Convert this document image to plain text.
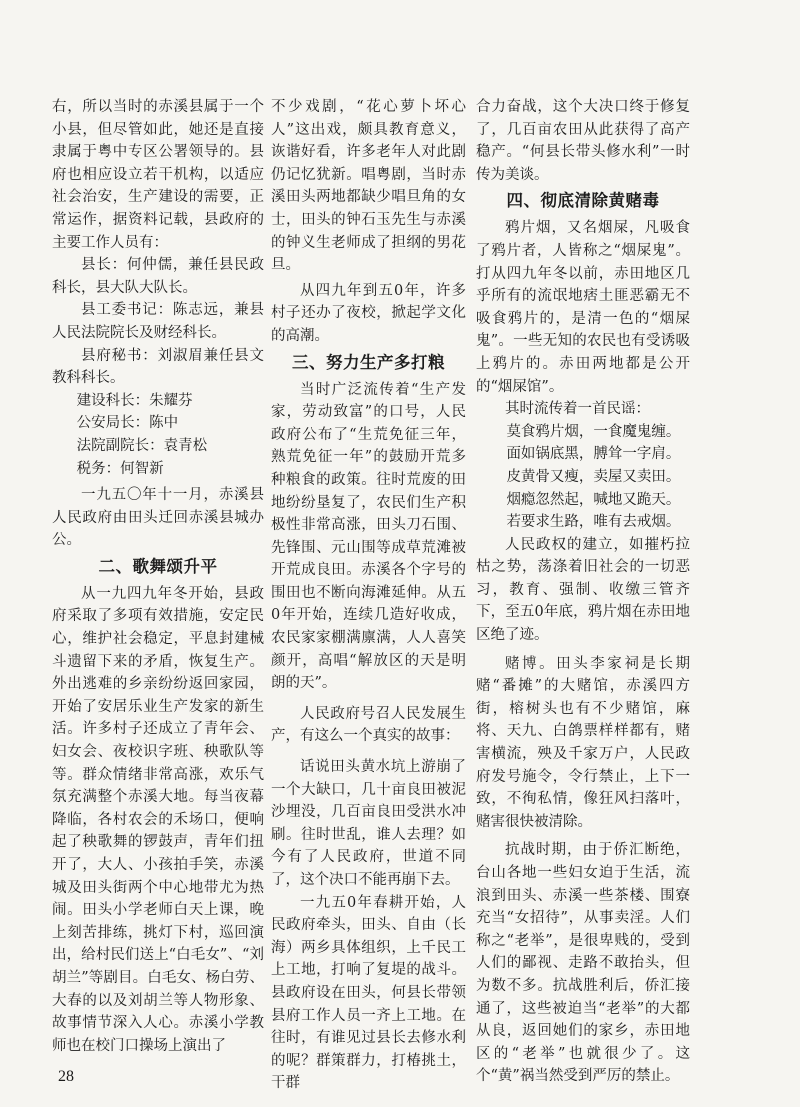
右，所以当时的赤溪县属于一个小县，但尽管如此，她还是直接隶属于粤中专区公署领导的。县府也相应设立若干机构，以适应社会治安，生产建设的需要，正常运作，据资料记载，县政府的主要工作人员有：

县长：何仲儒，兼任县民政科长，县大队大队长。

县工委书记：陈志远，兼县人民法院院长及财经科长。

县府秘书：刘淑眉兼任县文教科科长。

建设科长：朱耀芬

公安局长：陈中

法院副院长：袁青松

税务：何智新

一九五〇年十一月，赤溪县人民政府由田头迁回赤溪县城办公。

二、歌舞颂升平

从一九四九年冬开始，县政府采取了多项有效措施，安定民心，维护社会稳定，平息封建械斗遗留下来的矛盾，恢复生产。外出逃难的乡亲纷纷返回家园，开始了安居乐业生产发家的新生活。许多村子还成立了青年会、妇女会、夜校识字班、秧歌队等等。群众情绪非常高涨，欢乐气氛充满整个赤溪大地。每当夜幕降临，各村农会的禾场口，便响起了秧歌舞的锣鼓声，青年们扭开了，大人、小孩拍手笑，赤溪城及田头街两个中心地带尤为热闹。田头小学老师白天上课，晚上刻苦排练，挑灯下村，巡回演出，给村民们送上“白毛女”、“刘胡兰”等剧目。白毛女、杨白劳、大春的以及刘胡兰等人物形象、故事情节深入人心。赤溪小学教师也在校门口操场上演出了

不少戏剧，“花心萝卜坏心人”这出戏，颇具教育意义，诙谐好看，许多老年人对此剧仍记忆犹新。唱粤剧，当时赤溪田头两地都缺少唱旦角的女士，田头的钟石玉先生与赤溪的钟义生老师成了担纲的男花旦。

从四九年到五0年，许多村子还办了夜校，掀起学文化的高潮。

三、努力生产多打粮

当时广泛流传着“生产发家，劳动致富”的口号，人民政府公布了“生荒免征三年，熟荒免征一年”的鼓励开荒多种粮食的政策。往时荒废的田地纷纷垦复了，农民们生产积极性非常高涨，田头刀石围、先锋围、元山围等成草荒滩被开荒成良田。赤溪各个字号的围田也不断向海滩延伸。从五0年开始，连续几造好收成，农民家家棚满廪满，人人喜笑颜开，高唱“解放区的天是明朗的天”。

人民政府号召人民发展生产，有这么一个真实的故事：

话说田头黄水坑上游崩了一个大缺口，几十亩良田被泥沙埋没，几百亩良田受洪水冲刷。往时世乱，谁人去理？如今有了人民政府，世道不同了，这个决口不能再崩下去。

一九五0年春耕开始，人民政府牵头，田头、自由（长海）两乡具体组织，上千民工上工地，打响了复堤的战斗。县政府设在田头，何县长带领县府工作人员一齐上工地。在往时，有谁见过县长去修水利的呢？群策群力，打椿挑土，干群

合力奋战，这个大决口终于修复了，几百亩农田从此获得了高产稳产。“何县长带头修水利”一时传为美谈。

四、彻底清除黄赌毒

鸦片烟，又名烟屎，凡吸食了鸦片者，人皆称之“烟屎鬼”。打从四九年冬以前，赤田地区几乎所有的流氓地痞土匪恶霸无不吸食鸦片的，是清一色的“烟屎鬼”。一些无知的农民也有受诱吸上鸦片的。赤田两地都是公开的“烟屎馆”。

其时流传着一首民谣：

莫食鸦片烟，一食魔鬼缠。

面如锅底黑，膊耸一字肩。

皮黄骨又瘦，卖屋又卖田。

烟瘾忽然起，喊地又跪天。

若要求生路，唯有去戒烟。

人民政权的建立，如摧朽拉枯之势，荡涤着旧社会的一切恶习，教育、强制、收缴三管齐下，至五0年底，鸦片烟在赤田地区绝了迹。

赌博。田头李家祠是长期赌“番摊”的大赌馆，赤溪四方街，榕树头也有不少赌馆，麻将、天九、白鸽票样样都有，赌害横流，殃及千家万户，人民政府发号施令，令行禁止，上下一致，不徇私情，像狂风扫落叶，赌害很快被清除。

抗战时期，由于侨汇断绝，台山各地一些妇女迫于生活，流浪到田头、赤溪一些茶楼、围寮充当“女招待”，从事卖淫。人们称之“老举”，是很卑贱的，受到人们的鄙视、走路不敢抬头，但为数不多。抗战胜利后，侨汇接通了，这些被迫当“老举”的大都从良，返回她们的家乡，赤田地区的“老举”也就很少了。这个“黄”祸当然受到严厉的禁止。

28
